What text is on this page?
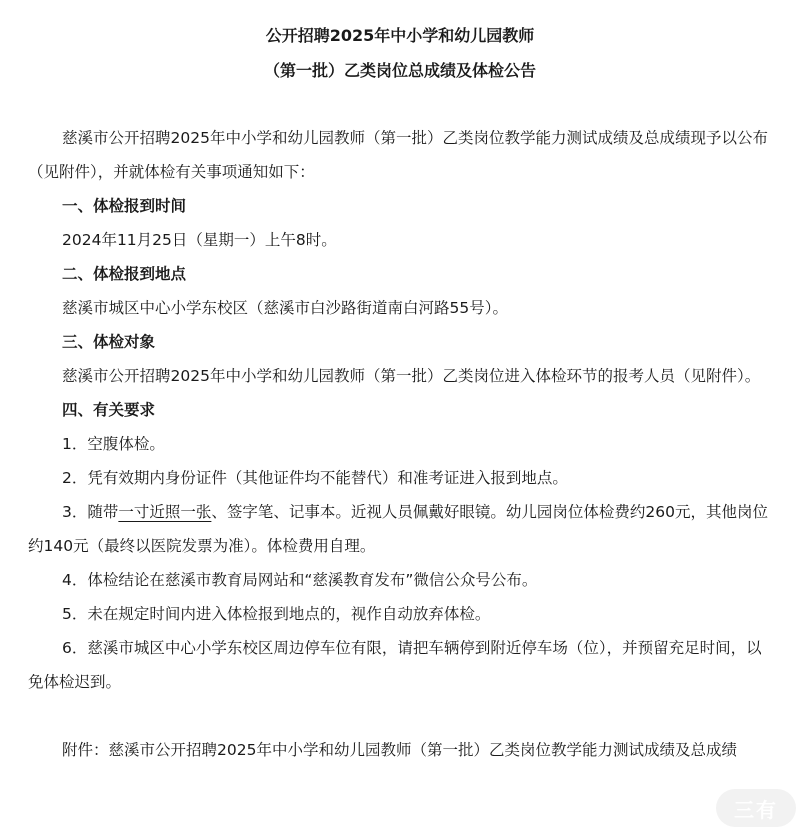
公开招聘2025年中小学和幼儿园教师
（第一批）乙类岗位总成绩及体检公告

慈溪市公开招聘2025年中小学和幼儿园教师（第一批）乙类岗位教学能力测试成绩及总成绩现予以公布（见附件），并就体检有关事项通知如下：

一、体检报到时间

2024年11月25日（星期一）上午8时。

二、体检报到地点

慈溪市城区中心小学东校区（慈溪市白沙路街道南白河路55号）。

三、体检对象

慈溪市公开招聘2025年中小学和幼儿园教师（第一批）乙类岗位进入体检环节的报考人员（见附件）。

四、有关要求

1．空腹体检。

2．凭有效期内身份证件（其他证件均不能替代）和准考证进入报到地点。

3．随带一寸近照一张、签字笔、记事本。近视人员佩戴好眼镜。幼儿园岗位体检费约260元，其他岗位约140元（最终以医院发票为准）。体检费用自理。

4．体检结论在慈溪市教育局网站和“慈溪教育发布”微信公众号公布。

5．未在规定时间内进入体检报到地点的，视作自动放弃体检。

6．慈溪市城区中心小学东校区周边停车位有限，请把车辆停到附近停车场（位），并预留充足时间，以免体检迟到。

附件：慈溪市公开招聘2025年中小学和幼儿园教师（第一批）乙类岗位教学能力测试成绩及总成绩

三有
